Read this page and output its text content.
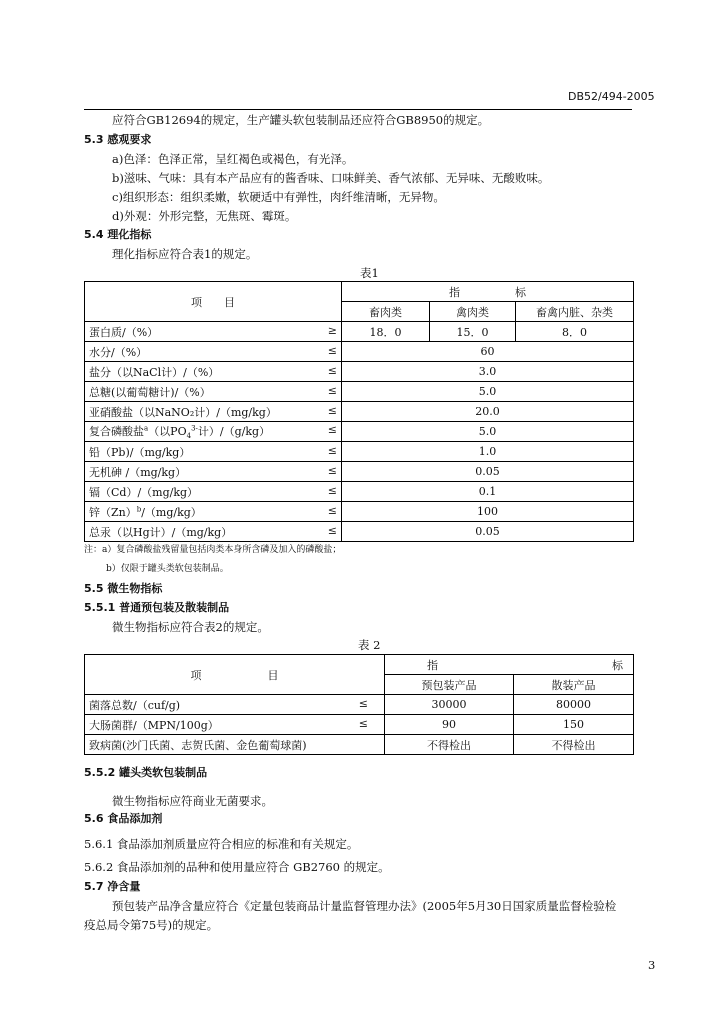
DB52/494-2005
应符合GB12694的规定，生产罐头软包装制品还应符合GB8950的规定。
5.3 感观要求
a)色泽：色泽正常，呈红褐色或褐色，有光泽。
b)滋味、气味：具有本产品应有的酱香味、口味鲜美、香气浓郁、无异味、无酸败味。
c)组织形态：组织柔嫩，软硬适中有弹性，肉纤维清晰，无异物。
d)外观：外形完整，无焦斑、霉斑。
5.4 理化指标
理化指标应符合表1的规定。
表1
项　　目	指　　　　　标		
	畜肉类	禽肉类	畜禽内脏、杂类
蛋白质/（%） ≥	18．0	15．0	8．0
水分/（%） ≤	60		
盐分（以NaCl计）/（%） ≤	3.0		
总糖(以葡萄糖计)/（%） ≤	5.0		
亚硝酸盐（以NaNO₂计）/（mg/kg） ≤	20.0		
复合磷酸盐$^a$（以$PO_4^{3-}$计）/（g/kg） ≤	5.0		
铅（Pb)/（mg/kg） ≤	1.0		
无机砷 /（mg/kg） ≤	0.05		
镉（Cd）/（mg/kg） ≤	0.1		
锌$(Zn)^b/(mg/kg)$ ≤	100		
总汞（以Hg计）/（mg/kg） ≤	0.05		
注：a）复合磷酸盐残留量包括肉类本身所含磷及加入的磷酸盐；
b）仅限于罐头类软包装制品。
5.5 微生物指标
5.5.1 普通预包装及散装制品
微生物指标应符合表2的规定。
表 2
项　　　　　　目	指 标	

	预包装产品	散装产品
菌落总数/（cuf/g) ≤	30000	80000
大肠菌群/（MPN/100g） ≤	90	150
致病菌(沙门氏菌、志贺氏菌、金色葡萄球菌)	不得检出	不得检出
5.5.2 罐头类软包装制品
微生物指标应符商业无菌要求。
5.6 食品添加剂
5.6.1 食品添加剂质量应符合相应的标准和有关规定。
5.6.2 食品添加剂的品种和使用量应符合 GB2760 的规定。
5.7 净含量
预包装产品净含量应符合《定量包装商品计量监督管理办法》(2005年5月30日国家质量监督检验检
疫总局令第75号)的规定。
3
